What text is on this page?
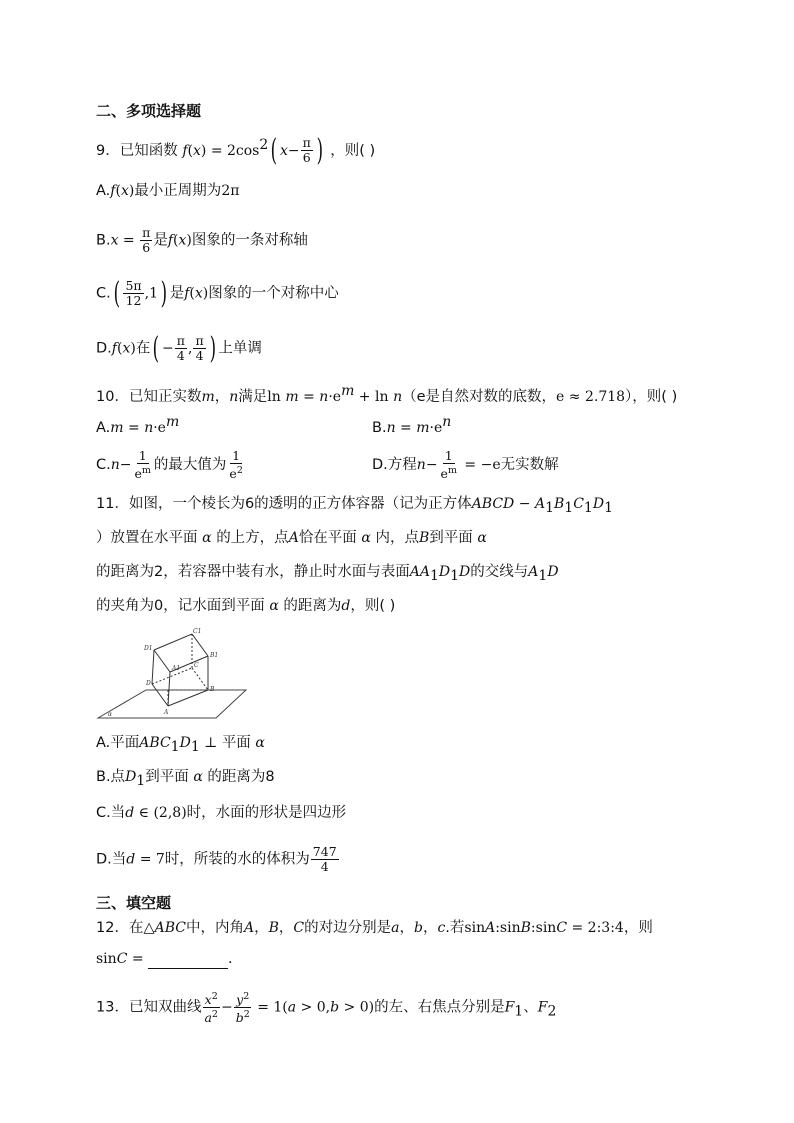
二、多项选择题
9．已知函数 $f(x) = 2\cos^2$( $x- \frac{\pi}{6}$ ) ，则( )
A.f(x)最小正周期为2π
$B.x = \frac{\pi}{6}$ 是f(x)图象的一条对称轴
$C.( \frac{5\pi}{12} ,1)$ 是f(x)图象的一个对称中心
D.f(x)在( − $\frac{\pi}{4}$ , $\frac{\pi}{4}$ ) 上单调
10．已知正实数m，n满足$\ln m = n\cdot e^m + \ln n(e$是自然对数的底数，e ≈ 2.718），则( )
$A.m = n\cdot e^m$	$B.n = m\cdot e^n$
$C.n- \frac{1}{e^m}$ 的最大值为 $\frac{1}{e^2}$	D.方程$n- \frac{1}{e^m} = -e$无实数解
11．如图，一个棱长为6的透明的正方体容器（记为正方体ABCD − $A_1B_1C_1D_1$
）放置在水平面 α 的上方，点A恰在平面 α 内，点B到平面 α
的距离为2，若容器中装有水，静止时水面与表面$AA_1D_1D$的交线与$A_1D$
的夹角为0，记水面到平面 α 的距离为d，则( )
D1
C1
B1
A1
D
C
B
A
α
A.平面$ABC_1D_1$ ⊥ 平面 α
B.点$D_1$到平面 α 的距离为8
C.当d ∈ (2,8)时，水面的形状是四边形
D.当d = 7时，所装的水的体积为 $\frac{747}{4}$
三、填空题
12．在△ABC中，内角A，B，C的对边分别是a，b，c.若sinA:sinB:sinC = 2:3:4，则
sinC =	.
13．已知双曲线 $\frac{x^2}{a^2} - \frac{y^2}{b^2} = 1(a > 0,b > 0)$的左、右焦点分别是$F_1$、$F_2$
